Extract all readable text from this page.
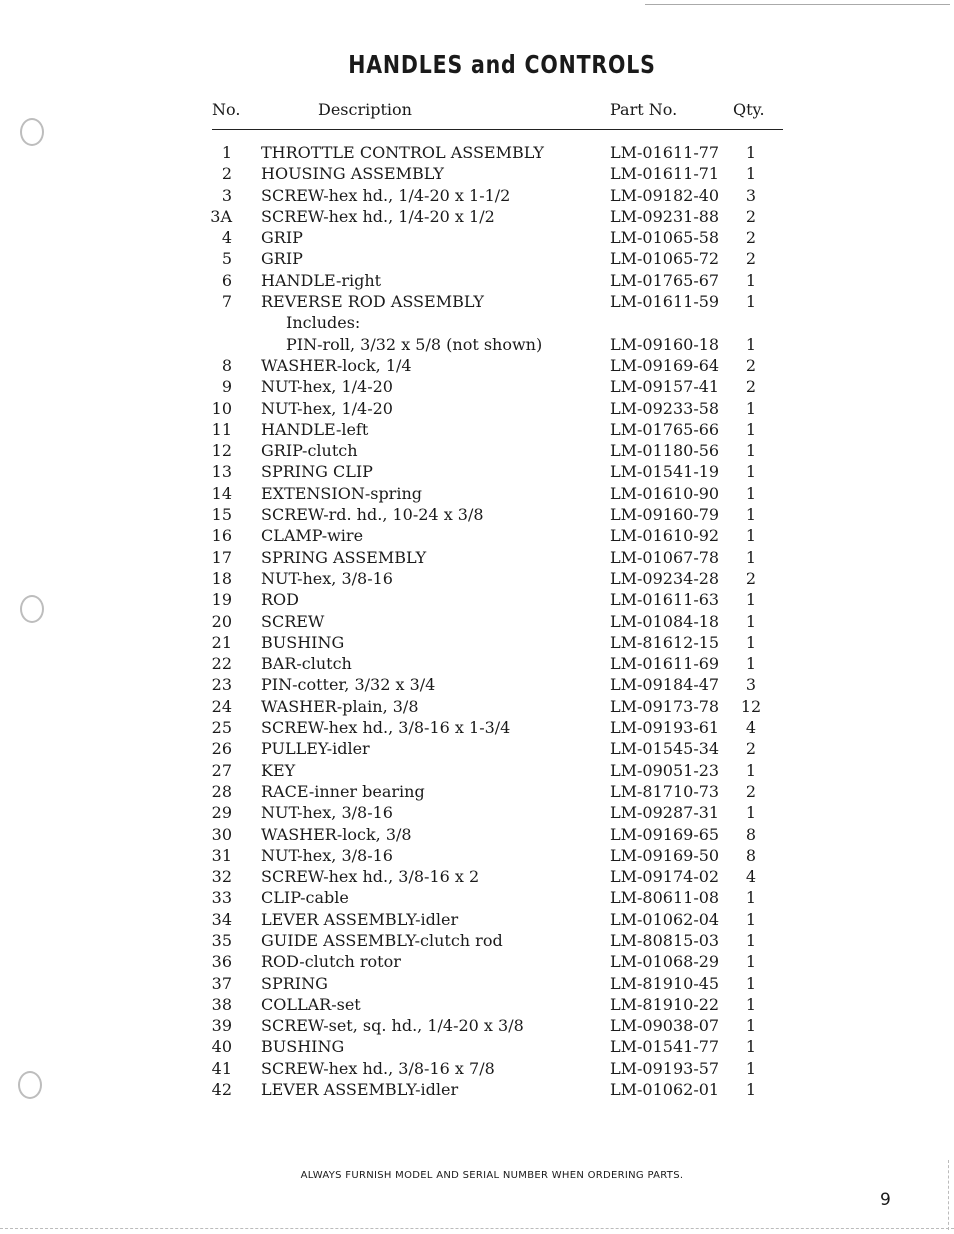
HANDLES and CONTROLS
No.	Description	Part No.	Qty.
1 THROTTLE CONTROL ASSEMBLY	LM-01611-77	1
2 HOUSING ASSEMBLY	LM-01611-71	1
3 SCREW-hex hd., 1/4-20 x 1-1/2	LM-09182-40	3
3A SCREW-hex hd., 1/4-20 x 1/2	LM-09231-88	2
4 GRIP	LM-01065-58	2
5 GRIP	LM-01065-72	2
6 HANDLE-right	LM-01765-67	1
7 REVERSE ROD ASSEMBLY	LM-01611-59	1
Includes:
PIN-roll, 3/32 x 5/8 (not shown)	LM-09160-18	1
8 WASHER-lock, 1/4	LM-09169-64	2
9 NUT-hex, 1/4-20	LM-09157-41	2
10 NUT-hex, 1/4-20	LM-09233-58	1
11 HANDLE-left	LM-01765-66	1
12 GRIP-clutch	LM-01180-56	1
13 SPRING CLIP	LM-01541-19	1
14 EXTENSION-spring	LM-01610-90	1
15 SCREW-rd. hd., 10-24 x 3/8	LM-09160-79	1
16 CLAMP-wire	LM-01610-92	1
17 SPRING ASSEMBLY	LM-01067-78	1
18 NUT-hex, 3/8-16	LM-09234-28	2
19 ROD	LM-01611-63	1
20 SCREW	LM-01084-18	1
21 BUSHING	LM-81612-15	1
22 BAR-clutch	LM-01611-69	1
23 PIN-cotter, 3/32 x 3/4	LM-09184-47	3
24 WASHER-plain, 3/8	LM-09173-78 12
25 SCREW-hex hd., 3/8-16 x 1-3/4	LM-09193-61	4
26 PULLEY-idler	LM-01545-34	2
27 KEY	LM-09051-23	1
28 RACE-inner bearing	LM-81710-73	2
29 NUT-hex, 3/8-16	LM-09287-31	1
30 WASHER-lock, 3/8	LM-09169-65	8
31 NUT-hex, 3/8-16	LM-09169-50	8
32 SCREW-hex hd., 3/8-16 x 2	LM-09174-02	4
33 CLIP-cable	LM-80611-08	1
34 LEVER ASSEMBLY-idler	LM-01062-04	1
35 GUIDE ASSEMBLY-clutch rod	LM-80815-03	1
36 ROD-clutch rotor	LM-01068-29	1
37 SPRING	LM-81910-45	1
38 COLLAR-set	LM-81910-22	1
39 SCREW-set, sq. hd., 1/4-20 x 3/8	LM-09038-07	1
40 BUSHING	LM-01541-77	1
41 SCREW-hex hd., 3/8-16 x 7/8	LM-09193-57	1
42 LEVER ASSEMBLY-idler	LM-01062-01	1
ALWAYS FURNISH MODEL AND SERIAL NUMBER WHEN ORDERING PARTS.
9
